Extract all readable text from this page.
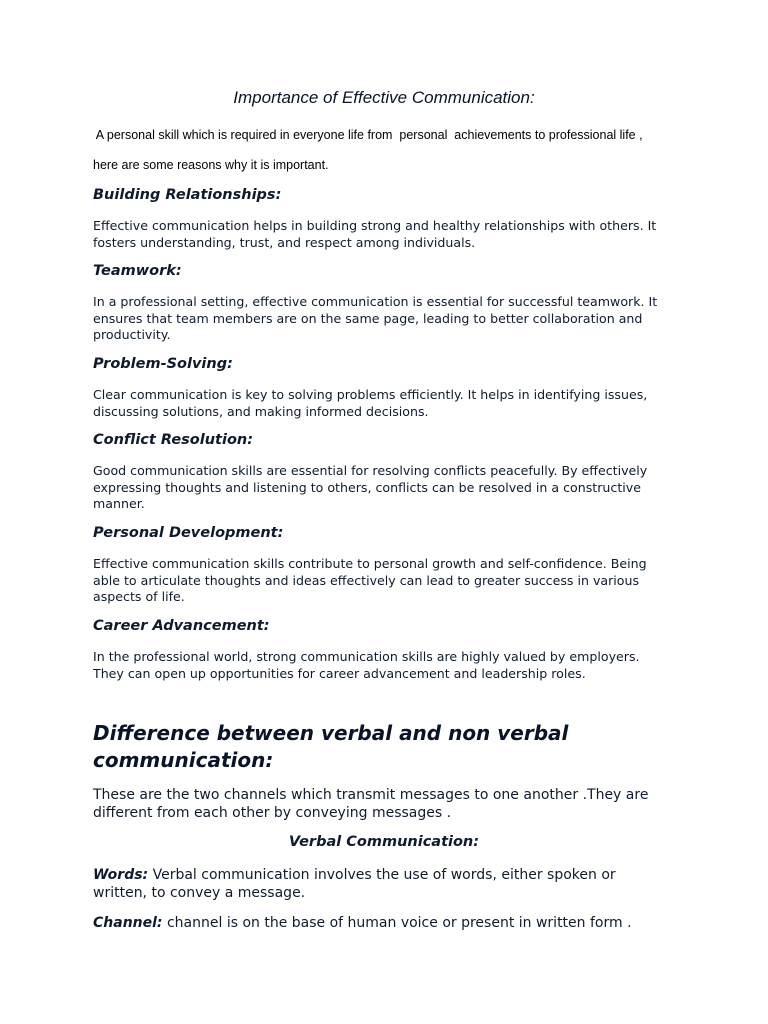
Importance of Effective Communication:

A personal skill which is required in everyone life from  personal  achievements to professional life ,

here are some reasons why it is important.

Building Relationships:

Effective communication helps in building strong and healthy relationships with others. It
fosters understanding, trust, and respect among individuals.

Teamwork:

In a professional setting, effective communication is essential for successful teamwork. It
ensures that team members are on the same page, leading to better collaboration and
productivity.

Problem-Solving:

Clear communication is key to solving problems efficiently. It helps in identifying issues,
discussing solutions, and making informed decisions.

Conflict Resolution:

Good communication skills are essential for resolving conflicts peacefully. By effectively
expressing thoughts and listening to others, conflicts can be resolved in a constructive
manner.

Personal Development:

Effective communication skills contribute to personal growth and self-confidence. Being
able to articulate thoughts and ideas effectively can lead to greater success in various
aspects of life.

Career Advancement:

In the professional world, strong communication skills are highly valued by employers.
They can open up opportunities for career advancement and leadership roles.

Difference between verbal and non verbal communication:

These are the two channels which transmit messages to one another .They are
different from each other by conveying messages .

Verbal Communication:

Words: Verbal communication involves the use of words, either spoken or
written, to convey a message.

Channel: channel is on the base of human voice or present in written form .
